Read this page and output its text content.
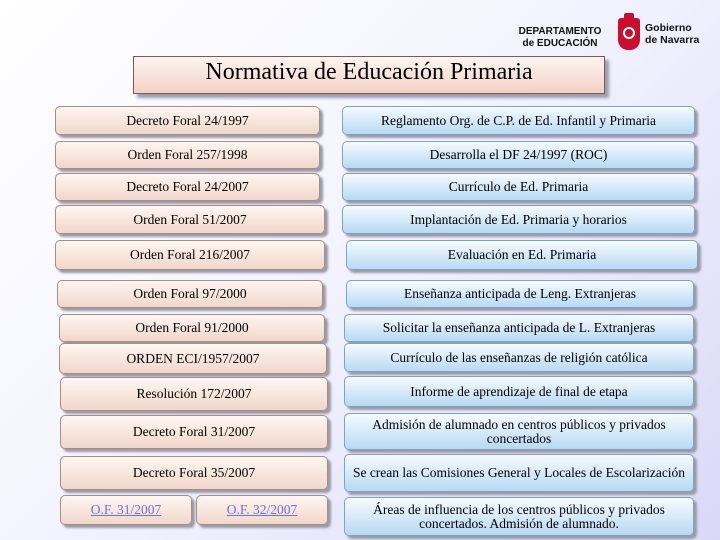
DEPARTAMENTO
de EDUCACIÓN
Gobierno
de Navarra
Normativa de Educación Primaria
Decreto Foral 24/1997	Reglamento Org. de C.P. de Ed. Infantil y Primaria
Orden Foral 257/1998	Desarrolla el DF 24/1997 (ROC)
Decreto Foral 24/2007	Currículo de Ed. Primaria
Orden Foral 51/2007	Implantación de Ed. Primaria y horarios
Orden Foral 216/2007	Evaluación en Ed. Primaria
Orden Foral 97/2000	Enseñanza anticipada de Leng. Extranjeras
Orden Foral 91/2000	Solicitar la enseñanza anticipada de L. Extranjeras
ORDEN ECI/1957/2007	Currículo de las enseñanzas de religión católica
Resolución 172/2007	Informe de aprendizaje de final de etapa
Decreto Foral 31/2007	Admisión de alumnado en centros públicos y privados concertados
Decreto Foral 35/2007	Se crean las Comisiones General y Locales de Escolarización
O.F. 31/2007	O.F. 32/2007	Áreas de influencia de los centros públicos y privados concertados. Admisión de alumnado.
